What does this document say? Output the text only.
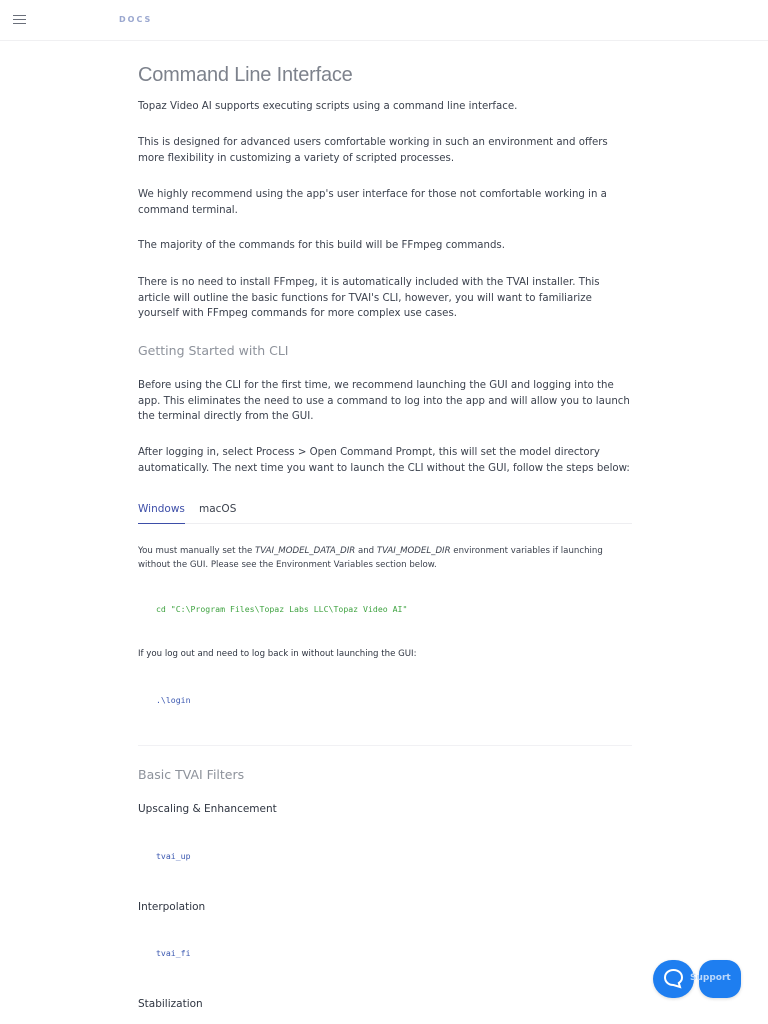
DOCS
Command Line Interface

Topaz Video AI supports executing scripts using a command line interface.

This is designed for advanced users comfortable working in such an environment and offers more flexibility in customizing a variety of scripted processes.

We highly recommend using the app's user interface for those not comfortable working in a command terminal.

The majority of the commands for this build will be FFmpeg commands.

There is no need to install FFmpeg, it is automatically included with the TVAI installer. This article will outline the basic functions for TVAI's CLI, however, you will want to familiarize yourself with FFmpeg commands for more complex use cases.

Getting Started with CLI

Before using the CLI for the first time, we recommend launching the GUI and logging into the app. This eliminates the need to use a command to log into the app and will allow you to launch the terminal directly from the GUI.

After logging in, select Process > Open Command Prompt, this will set the model directory automatically. The next time you want to launch the CLI without the GUI, follow the steps below:

Windows macOS

You must manually set the TVAI_MODEL_DATA_DIR and TVAI_MODEL_DIR environment variables if launching without the GUI. Please see the Environment Variables section below.

cd "C:\Program Files\Topaz Labs LLC\Topaz Video AI"
If you log out and need to log back in without launching the GUI:
.\login
Basic TVAI Filters
Upscaling & Enhancement
tvai_up
Interpolation
tvai_fi
Stabilization
Support
